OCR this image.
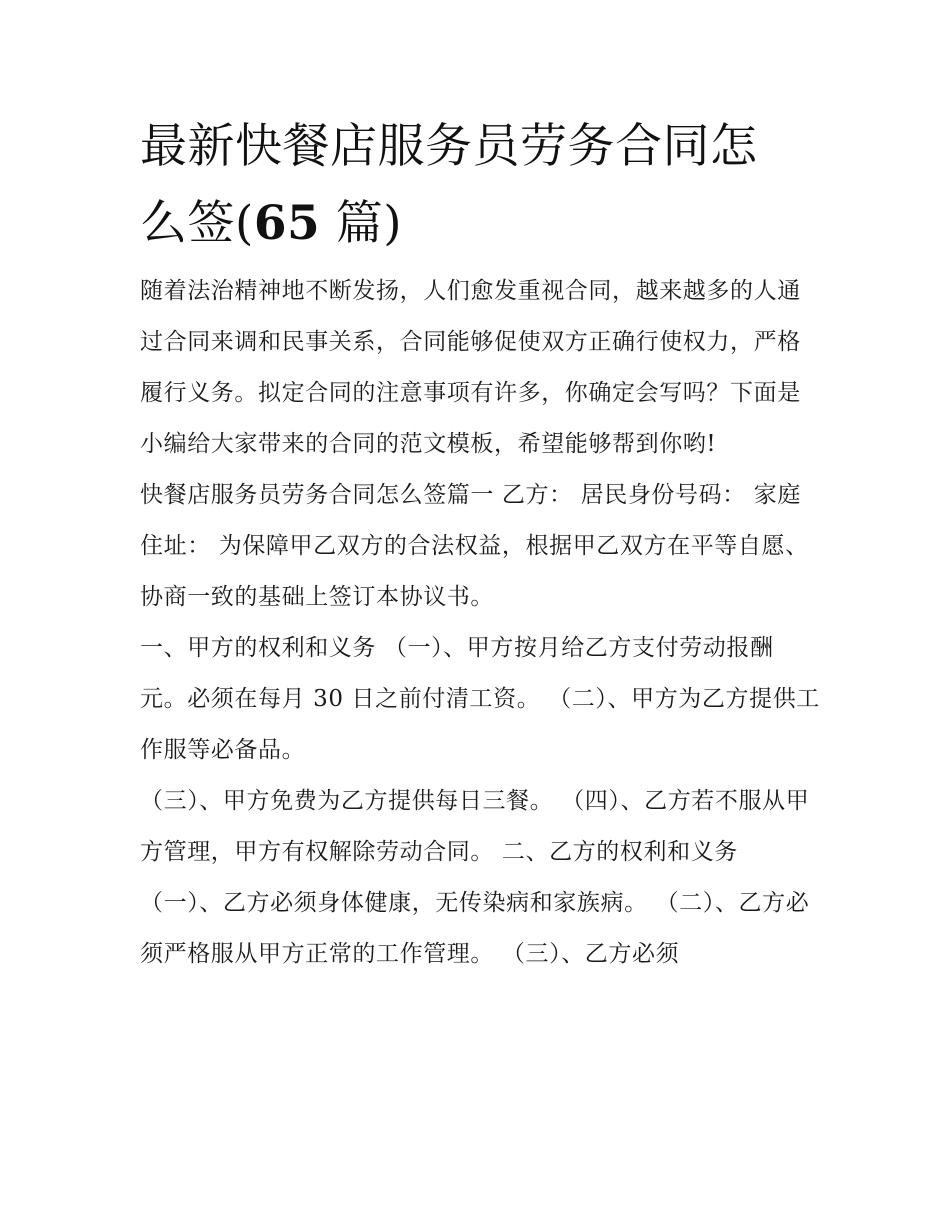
最新快餐店服务员劳务合同怎
么签(65 篇)

随着法治精神地不断发扬，人们愈发重视合同，越来越多的人通过合同来调和民事关系，合同能够促使双方正确行使权力，严格履行义务。拟定合同的注意事项有许多，你确定会写吗？下面是小编给大家带来的合同的范文模板，希望能够帮到你哟!

快餐店服务员劳务合同怎么签篇一 乙方： 居民身份号码： 家庭住址： 为保障甲乙双方的合法权益，根据甲乙双方在平等自愿、协商一致的基础上签订本协议书。

一、甲方的权利和义务 （一）、甲方按月给乙方支付劳动报酬元。必须在每月 30 日之前付清工资。 （二）、甲方为乙方提供工作服等必备品。

（三）、甲方免费为乙方提供每日三餐。 （四）、乙方若不服从甲方管理，甲方有权解除劳动合同。 二、乙方的权利和义务

（一）、乙方必须身体健康，无传染病和家族病。 （二）、乙方必须严格服从甲方正常的工作管理。 （三）、乙方必须
